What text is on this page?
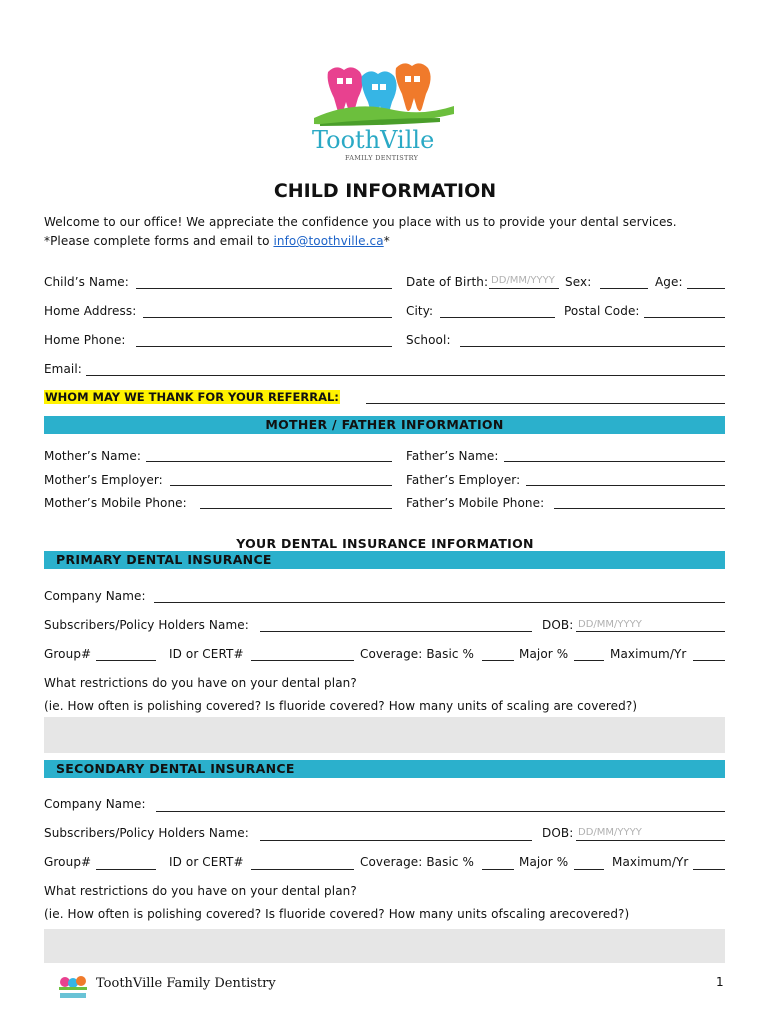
ToothVille
FAMILY DENTISTRY
CHILD INFORMATION
Welcome to our office! We appreciate the confidence you place with us to provide your dental services.
*Please complete forms and email to info@toothville.ca*
Child’s Name:	Date of Birth: DD/MM/YYYY Sex:	Age:
Home Address:	City:	Postal Code:
Home Phone:	School:
Email:
WHOM MAY WE THANK FOR YOUR REFERRAL:
MOTHER / FATHER INFORMATION
Mother’s Name:	Father’s Name:
Mother’s Employer:	Father’s Employer:
Mother’s Mobile Phone:	Father’s Mobile Phone:
YOUR DENTAL INSURANCE INFORMATION
PRIMARY DENTAL INSURANCE
Company Name:
Subscribers/Policy Holders Name:	DOB: DD/MM/YYYY
Group#	ID or CERT#	Coverage: Basic %	Major %	Maximum/Yr
What restrictions do you have on your dental plan?
(ie. How often is polishing covered? Is fluoride covered? How many units of scaling are covered?)
SECONDARY DENTAL INSURANCE
Company Name:
Subscribers/Policy Holders Name:	DOB: DD/MM/YYYY
Group#	ID or CERT#	Coverage: Basic %	Major %	Maximum/Yr
What restrictions do you have on your dental plan?
(ie. How often is polishing covered? Is fluoride covered? How many units ofscaling arecovered?)
ToothVille Family Dentistry	1
